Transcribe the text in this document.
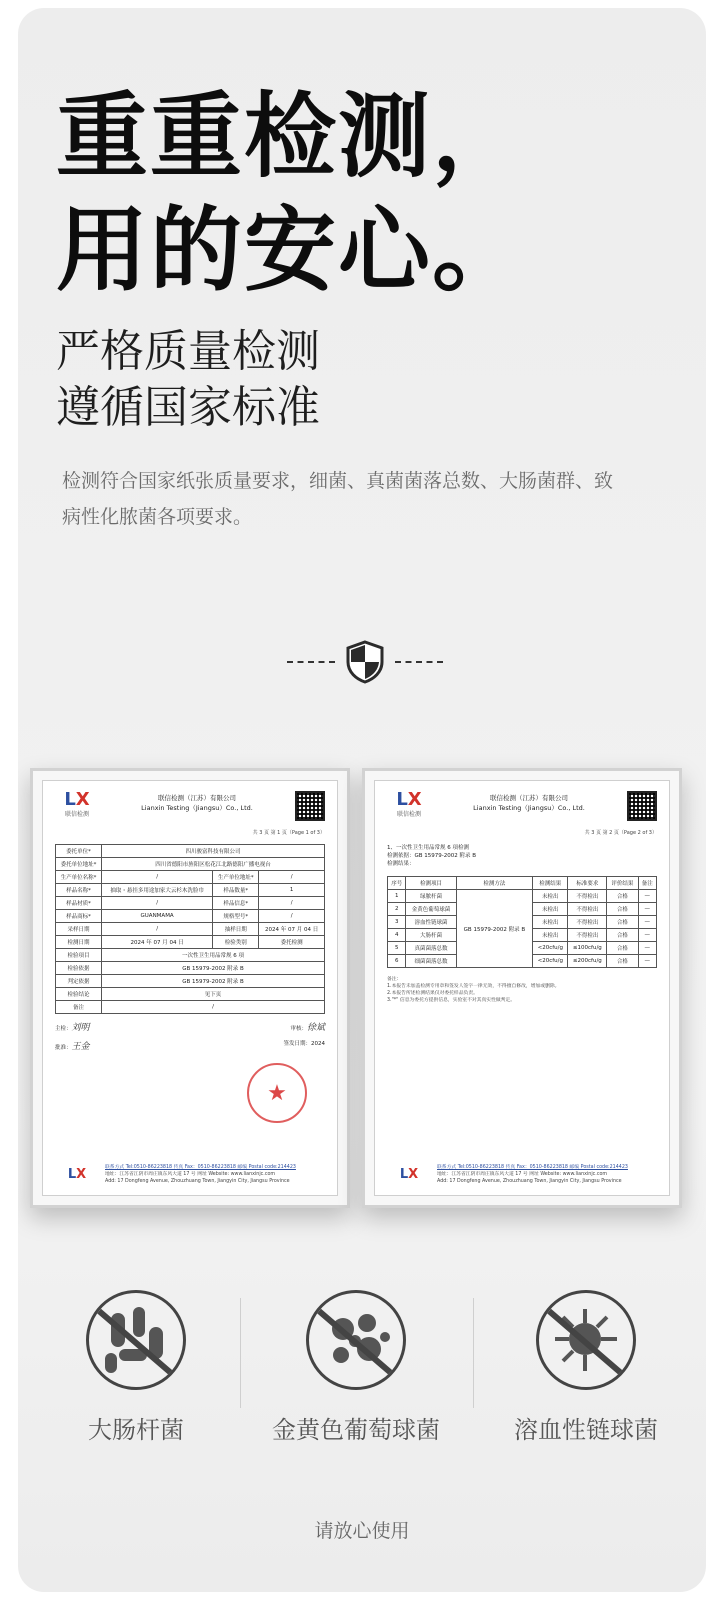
重重检测，
用的安心。
严格质量检测
遵循国家标准
检测符合国家纸张质量要求，细菌、真菌菌落总数、大肠菌群、致病性化脓菌各项要求。
LX
联信检测
联信检测（江苏）有限公司
Lianxin Testing（Jiangsu）Co., Ltd.
共 3 页 第 1 页（Page 1 of 3）
委托单位*	四川骏富科技有限公司		
委托单位地址*	四川省德阳市旌阳区松花江北路德阳广播电视台		
生产单位名称*	/	生产单位地址*	/
样品名称*	抽取・悬挂多用途加家大云杉木洗脸巾	样品数量*	1
样品材质*	/	样品信息*	/
样品商标*	GUANMAMA	规格型号*	/
采样日期	/	抽样日期	2024 年 07 月 04 日
检测日期	2024 年 07 月 04 日	检验类别	委托检测
检验项目	一次性卫生用品常规 6 项		
检验依据	GB 15979-2002 附录 B		
判定依据	GB 15979-2002 附录 B		
检验结论	见下页		
备注	/		
主检：刘明	审核：徐斌
批准：王金	签发日期：2024
★
LX	联系方式 Tel:0510-86223818 传真 Fax：0510-86223818 邮编 Postal code:214423
地址：江苏省江阴市周庄镇东风大道 17 号 网址 Website: www.lianxinjc.com
Add: 17 Dongfeng Avenue, Zhouzhuang Town, Jiangyin City, Jiangsu Province
LX
联信检测
联信检测（江苏）有限公司
Lianxin Testing（Jiangsu）Co., Ltd.
共 3 页 第 2 页（Page 2 of 3）
1、一次性卫生用品常规 6 项检测
检测依据：GB 15979-2002 附录 B
检测结果：
序号	检测项目	检测方法	检测结果	标准要求	评价结果	备注
1	绿脓杆菌	GB 15979-2002 附录 B	未检出	不得检出	合格	—
2	金黄色葡萄球菌		未检出	不得检出	合格	—
3	溶血性链球菌		未检出	不得检出	合格	—
4	大肠杆菌		未检出	不得检出	合格	—
5	真菌菌落总数		<20cfu/g	≤100cfu/g	合格	—
6	细菌菌落总数		<20cfu/g	≤200cfu/g	合格	—
备注：
1.本报告未加盖检测专用章和签发人签字一律无效，不得擅自修改，增加或删除。
2.本报告所述检测结果仅对委托样品负责。
3."*" 信息为委托方提供信息，实验室不对其真实性做判定。
LX	联系方式 Tel:0510-86223818 传真 Fax：0510-86223818 邮编 Postal code:214423
地址：江苏省江阴市周庄镇东风大道 17 号 网址 Website: www.lianxinjc.com
Add: 17 Dongfeng Avenue, Zhouzhuang Town, Jiangyin City, Jiangsu Province
大肠杆菌	金黄色葡萄球菌	溶血性链球菌
请放心使用
